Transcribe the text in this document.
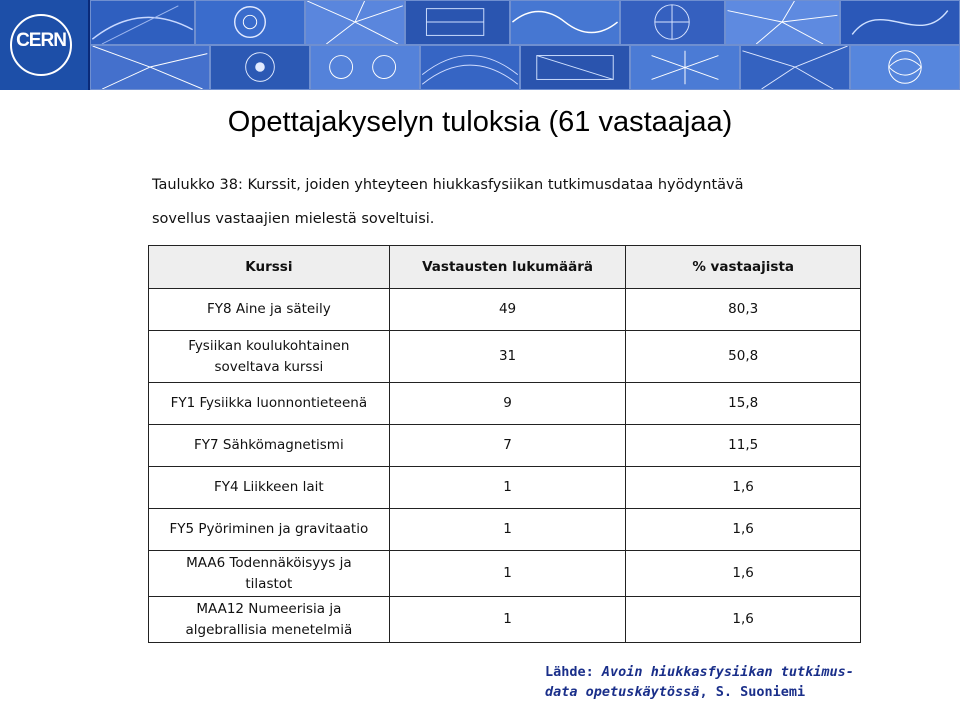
CERN
Opettajakyselyn tuloksia (61 vastaajaa)
Taulukko 38: Kurssit, joiden yhteyteen hiukkasfysiikan tutkimusdataa hyödyntävä
sovellus vastaajien mielestä soveltuisi.
Kurssi	Vastausten lukumäärä	% vastaajista

FY8 Aine ja säteily	49	80,3

Fysiikan koulukohtainen
soveltava kurssi	31	50,8

FY1 Fysiikka luonnontieteenä	9	15,8

FY7 Sähkömagnetismi	7	11,5

FY4 Liikkeen lait	1	1,6

FY5 Pyöriminen ja gravitaatio	1	1,6

MAA6 Todennäköisyys ja
tilastot	1	1,6

MAA12 Numeerisia ja
algebrallisia menetelmiä	1	1,6
Lähde: Avoin hiukkasfysiikan tutkimus-
data opetuskäytössä, S. Suoniemi
